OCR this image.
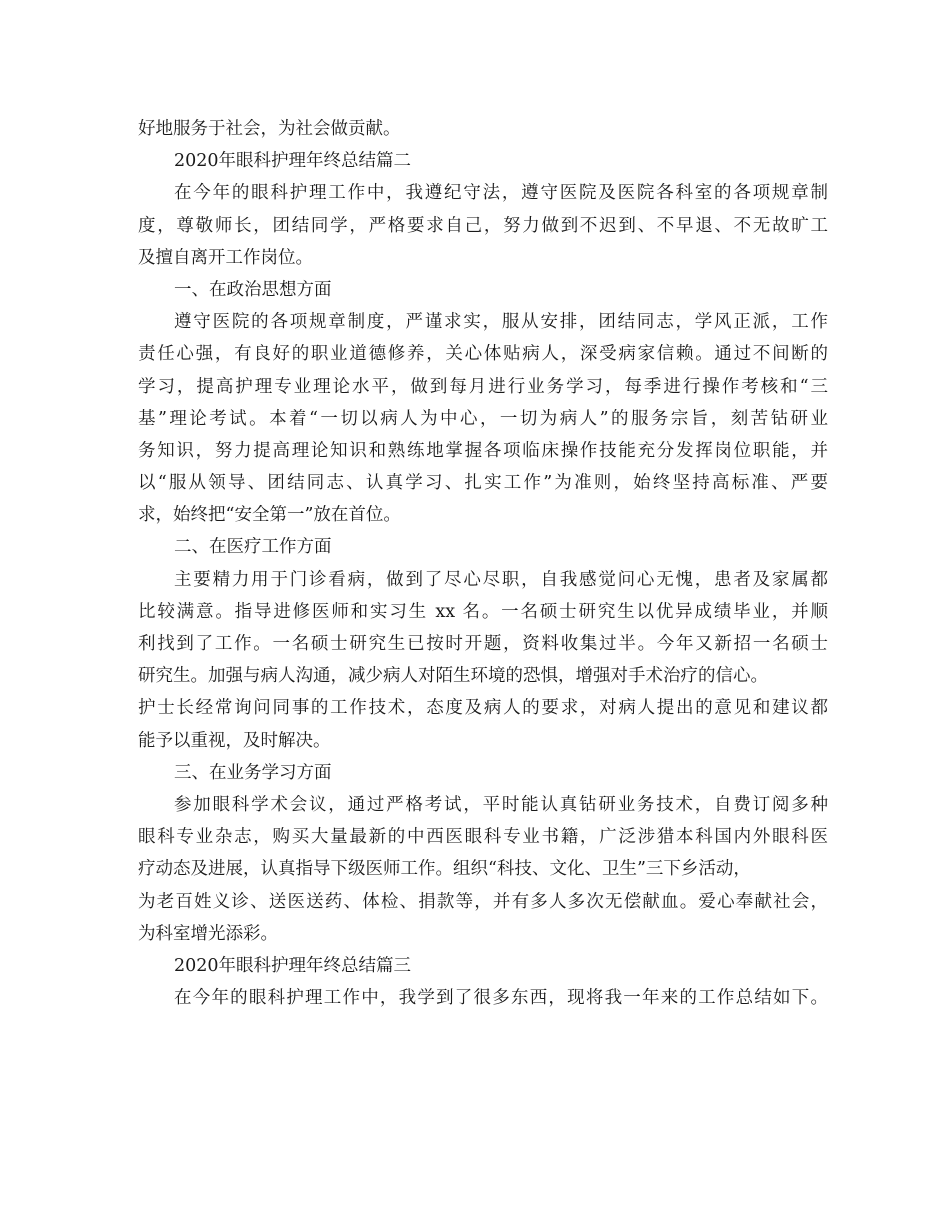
好地服务于社会，为社会做贡献。
2020年眼科护理年终总结篇二
在今年的眼科护理工作中，我遵纪守法，遵守医院及医院各科室的各项规章制
度，尊敬师长，团结同学，严格要求自己，努力做到不迟到、不早退、不无故旷工
及擅自离开工作岗位。
一、在政治思想方面
遵守医院的各项规章制度，严谨求实，服从安排，团结同志，学风正派，工作
责任心强，有良好的职业道德修养，关心体贴病人，深受病家信赖。通过不间断的
学习，提高护理专业理论水平，做到每月进行业务学习，每季进行操作考核和“三
基”理论考试。本着“一切以病人为中心，一切为病人”的服务宗旨，刻苦钻研业
务知识，努力提高理论知识和熟练地掌握各项临床操作技能充分发挥岗位职能，并
以“服从领导、团结同志、认真学习、扎实工作”为准则，始终坚持高标准、严要
求，始终把“安全第一”放在首位。
二、在医疗工作方面
主要精力用于门诊看病，做到了尽心尽职，自我感觉问心无愧，患者及家属都
比较满意。指导进修医师和实习生 xx 名。一名硕士研究生以优异成绩毕业，并顺
利找到了工作。一名硕士研究生已按时开题，资料收集过半。今年又新招一名硕士
研究生。加强与病人沟通，减少病人对陌生环境的恐惧，增强对手术治疗的信心。
护士长经常询问同事的工作技术，态度及病人的要求，对病人提出的意见和建议都
能予以重视，及时解决。
三、在业务学习方面
参加眼科学术会议，通过严格考试，平时能认真钻研业务技术，自费订阅多种
眼科专业杂志，购买大量最新的中西医眼科专业书籍，广泛涉猎本科国内外眼科医
疗动态及进展，认真指导下级医师工作。组织“科技、文化、卫生”三下乡活动，
为老百姓义诊、送医送药、体检、捐款等，并有多人多次无偿献血。爱心奉献社会，
为科室增光添彩。
2020年眼科护理年终总结篇三
在今年的眼科护理工作中，我学到了很多东西，现将我一年来的工作总结如下。
